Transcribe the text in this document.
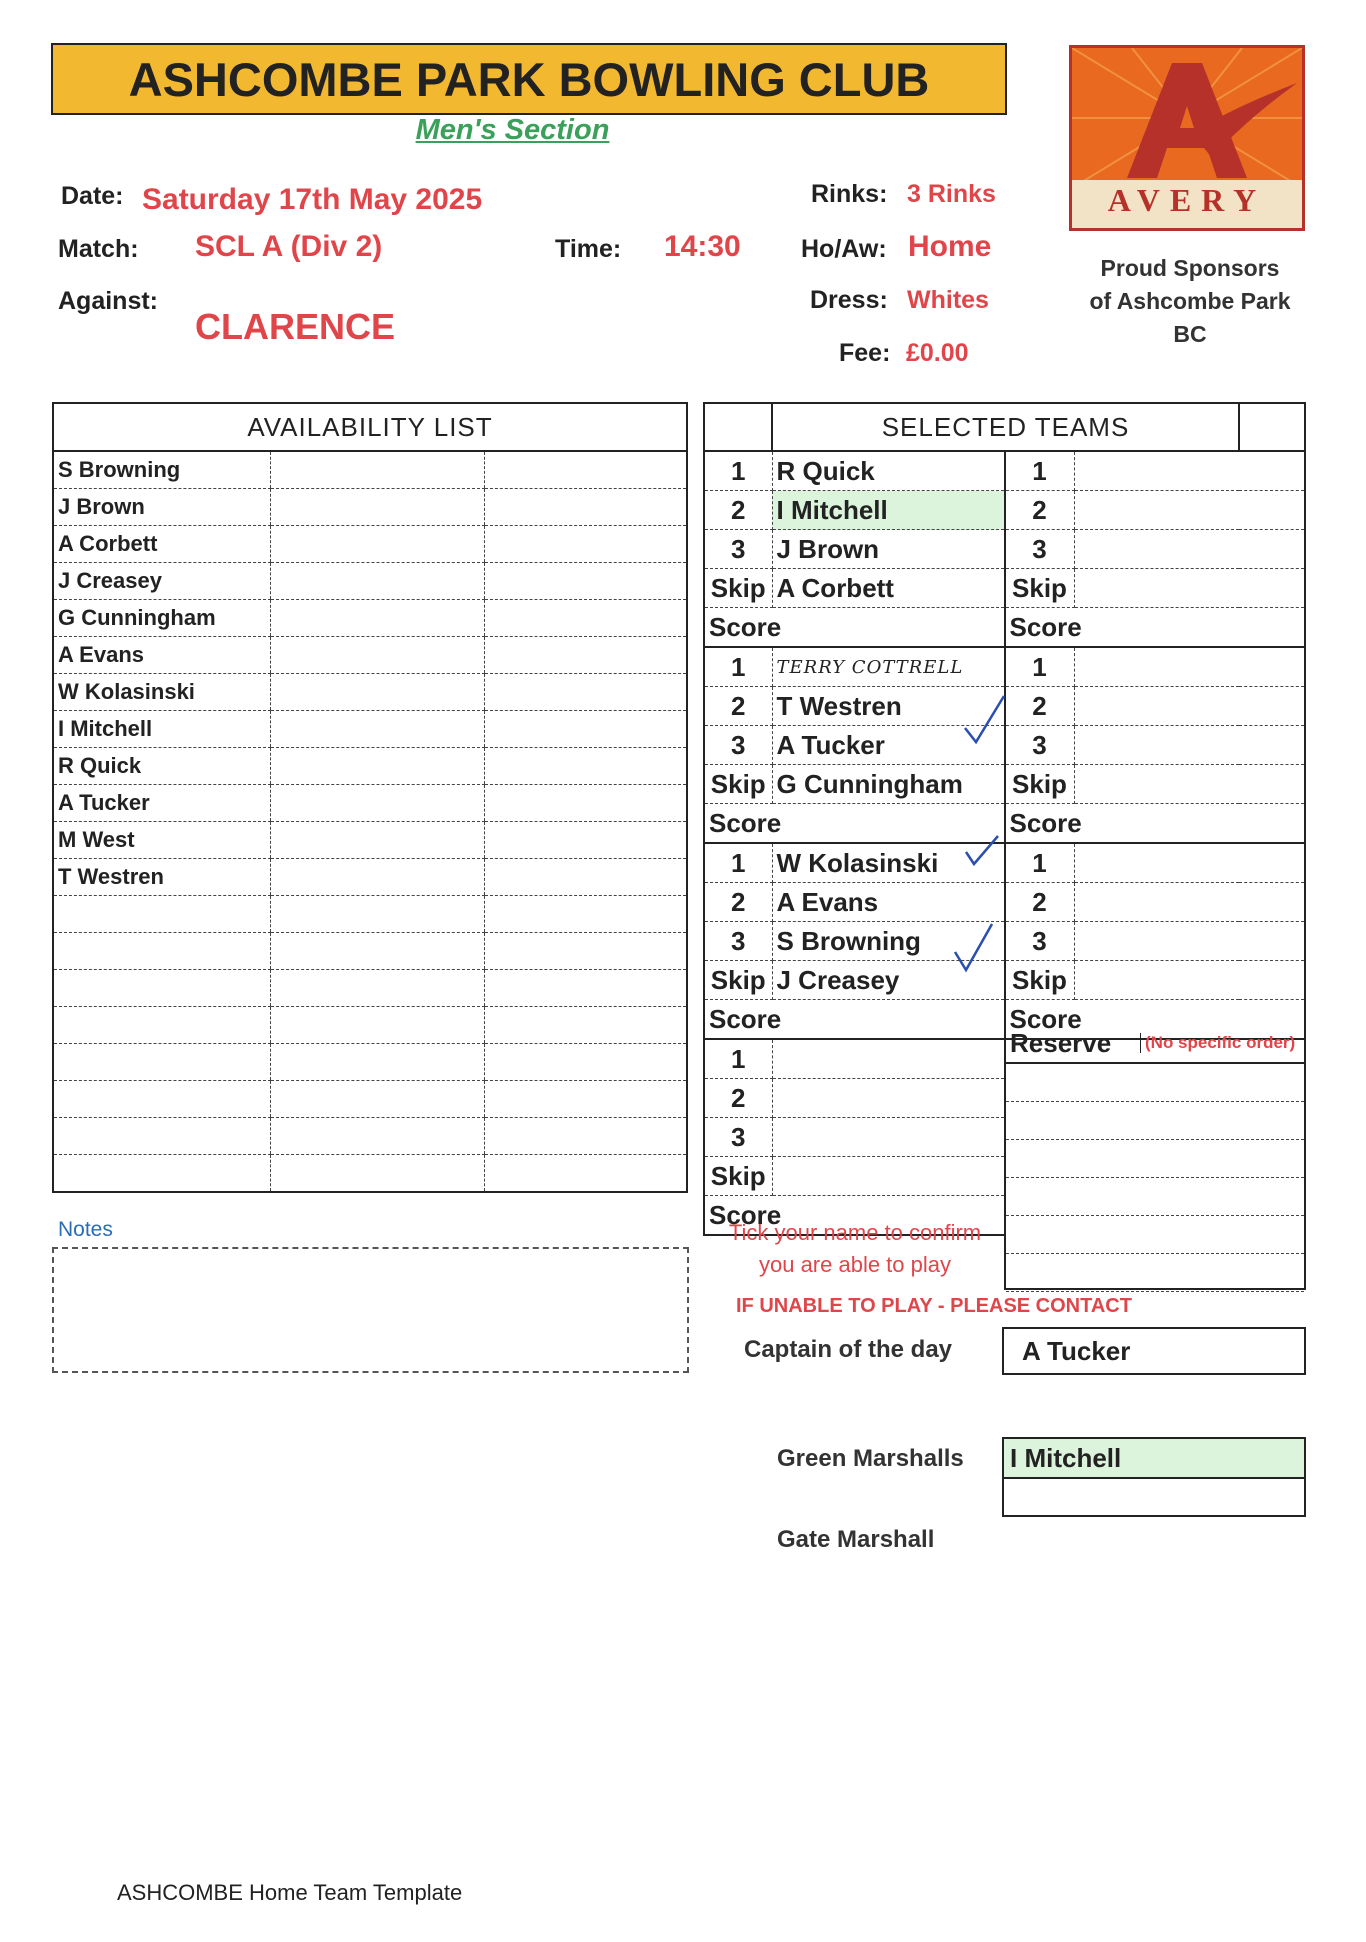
ASHCOMBE PARK BOWLING CLUB
Men's Section
Date: Saturday 17th May 2025
Match: SCL A (Div 2)	Time: 14:30
Against:
CLARENCE
Rinks: 3 Rinks
Ho/Aw: Home
Dress: Whites
Fee: £0.00
AVERY
Proud Sponsors
of Ashcombe Park
BC
AVAILABILITY LIST		
S Browning		
J Brown		
A Corbett		
J Creasey		
G Cunningham		
A Evans		
W Kolasinski		
I Mitchell		
R Quick		
A Tucker		
M West		
T Westren		

	SELECTED TEAMS			
1	R Quick	1		
2	I Mitchell	2		
3	J Brown	3		
Skip	A Corbett	Skip		
Score		Score		
1	TERRY COTTRELL	1		
2	T Westren	2		
3	A Tucker	3		
Skip	G Cunningham	Skip		
Score		Score		
1	W Kolasinski	1		
2	A Evans	2		
3	S Browning	3		
Skip	J Creasey	Skip		
Score		Score		
1				
2				
3				
Skip				
Score				
Reserve	(No specific order)
Notes	Tick your name to confirm
you are able to play
IF UNABLE TO PLAY - PLEASE CONTACT
Captain of the day	A Tucker
Green Marshalls	I Mitchell
Gate Marshall
ASHCOMBE Home Team Template
